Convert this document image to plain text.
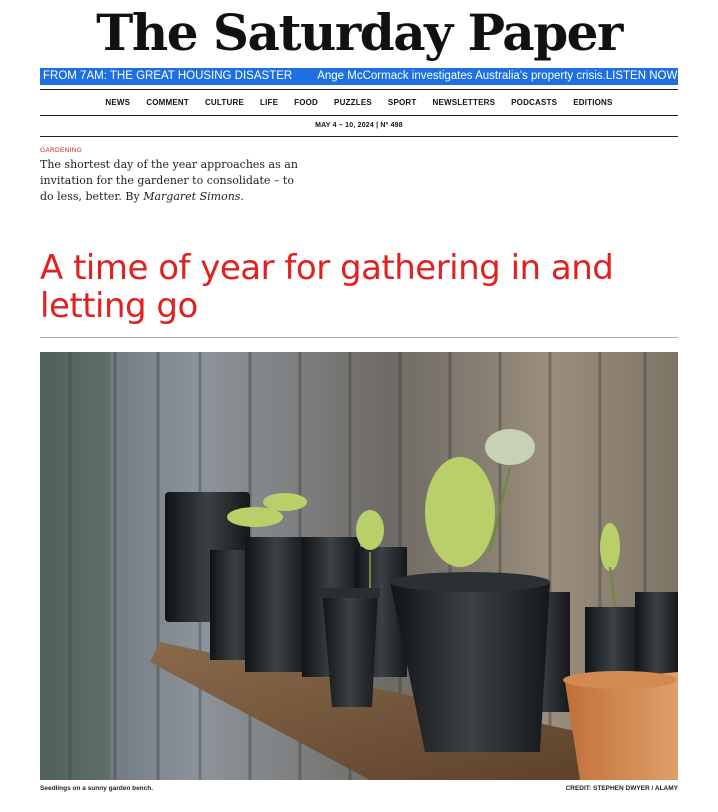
The Saturday Paper
FROM 7AM: THE GREAT HOUSING DISASTER Ange McCormack investigates Australia's property crisis. LISTEN NOW
NEWS	COMMENT	CULTURE	LIFE	FOOD	PUZZLES	SPORT	NEWSLETTERS	PODCASTS	EDITIONS
MAY 4 – 10, 2024 | Nº 498
GARDENING

The shortest day of the year approaches as an invitation for the gardener to consolidate – to do less, better. By Margaret Simons.

A time of year for gathering in and letting go
Seedlings on a sunny garden bench.	CREDIT: STEPHEN DWYER / ALAMY
